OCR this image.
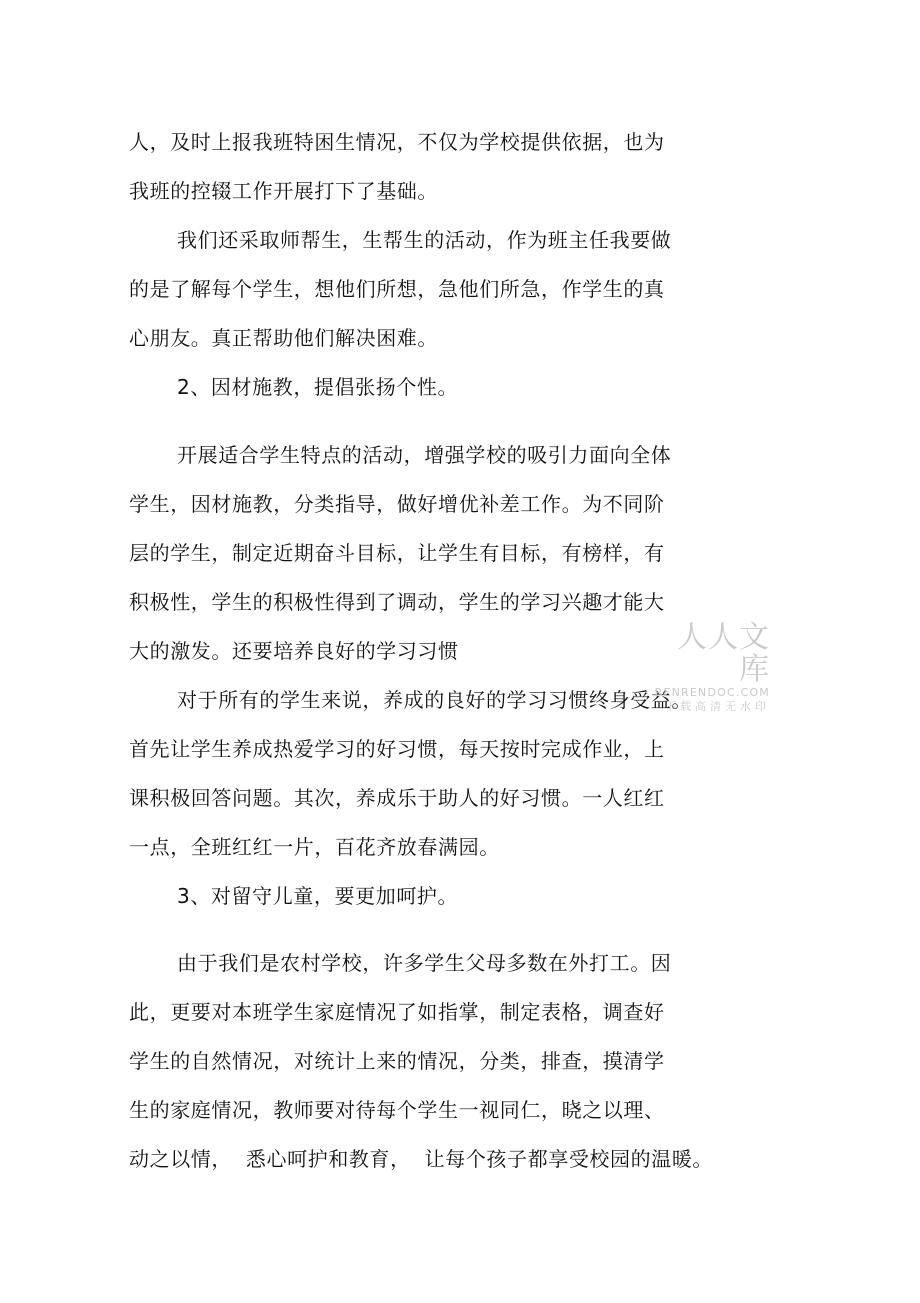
人，及时上报我班特困生情况，不仅为学校提供依据，也为
我班的控辍工作开展打下了基础。
我们还采取师帮生，生帮生的活动，作为班主任我要做
的是了解每个学生，想他们所想，急他们所急，作学生的真
心朋友。真正帮助他们解决困难。
2、因材施教，提倡张扬个性。
开展适合学生特点的活动，增强学校的吸引力面向全体
学生，因材施教，分类指导，做好增优补差工作。为不同阶
层的学生，制定近期奋斗目标，让学生有目标，有榜样，有
积极性，学生的积极性得到了调动，学生的学习兴趣才能大
大的激发。还要培养良好的学习习惯
对于所有的学生来说，养成的良好的学习习惯终身受益。
首先让学生养成热爱学习的好习惯，每天按时完成作业，上
课积极回答问题。其次，养成乐于助人的好习惯。一人红红
一点，全班红红一片，百花齐放春满园。
3、对留守儿童，要更加呵护。
由于我们是农村学校，许多学生父母多数在外打工。因
此，更要对本班学生家庭情况了如指掌，制定表格，调查好
学生的自然情况，对统计上来的情况，分类，排查，摸清学
生的家庭情况，教师要对待每个学生一视同仁，晓之以理、
动之以情，  悉心呵护和教育，  让每个孩子都享受校园的温暖。
人人文库
RENRENDOC.COM
下载高清无水印
